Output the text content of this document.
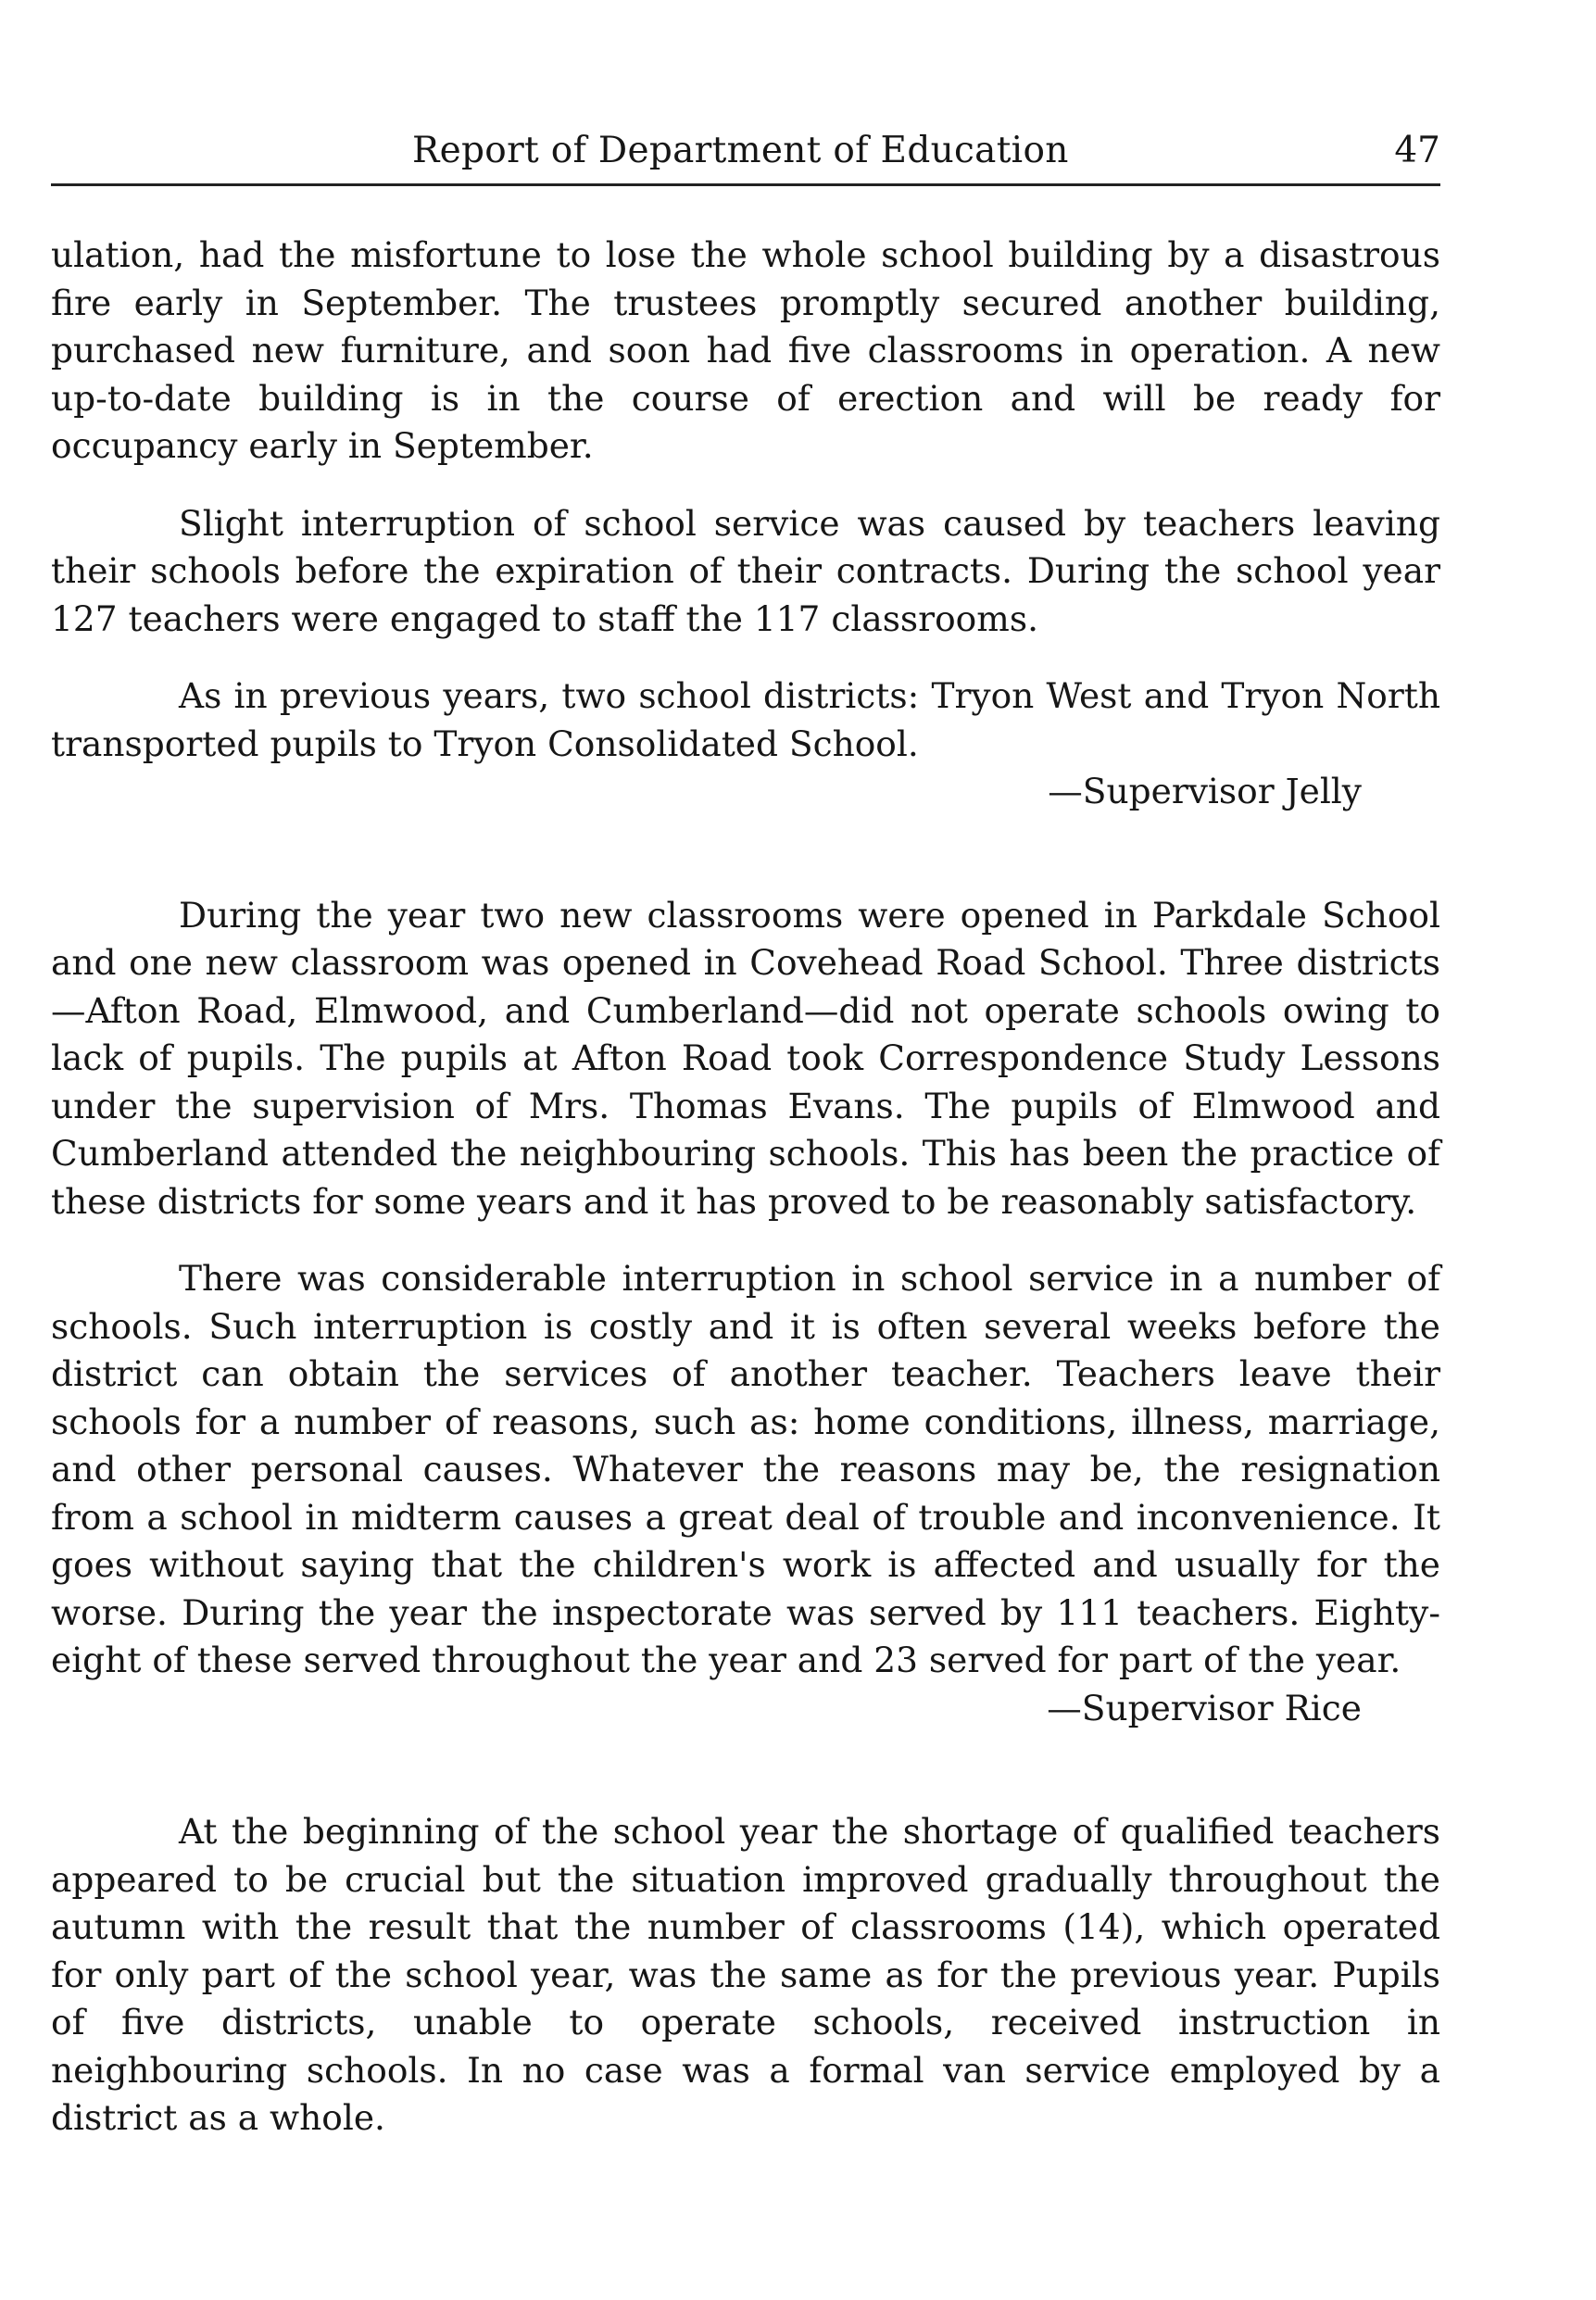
Report of Department of Education	47

ulation, had the misfortune to lose the whole school building by a disastrous fire early in September. The trustees promptly secured another building, purchased new furniture, and soon had five classrooms in operation. A new up-to-date building is in the course of erection and will be ready for occupancy early in September.

Slight interruption of school service was caused by teachers leaving their schools before the expiration of their contracts. During the school year 127 teachers were engaged to staff the 117 classrooms.

As in previous years, two school districts: Tryon West and Tryon North transported pupils to Tryon Consolidated School.

—Supervisor Jelly

During the year two new classrooms were opened in Parkdale School and one new classroom was opened in Covehead Road School. Three districts—Afton Road, Elmwood, and Cumberland—did not operate schools owing to lack of pupils. The pupils at Afton Road took Correspondence Study Lessons under the supervision of Mrs. Thomas Evans. The pupils of Elmwood and Cumberland attended the neighbouring schools. This has been the practice of these districts for some years and it has proved to be reasonably satisfactory.

There was considerable interruption in school service in a number of schools. Such interruption is costly and it is often several weeks before the district can obtain the services of another teacher. Teachers leave their schools for a number of reasons, such as: home conditions, illness, marriage, and other personal causes. Whatever the reasons may be, the resignation from a school in midterm causes a great deal of trouble and inconvenience. It goes without saying that the children's work is affected and usually for the worse. During the year the inspectorate was served by 111 teachers. Eighty-eight of these served throughout the year and 23 served for part of the year.

—Supervisor Rice

At the beginning of the school year the shortage of qualified teachers appeared to be crucial but the situation improved gradually throughout the autumn with the result that the number of classrooms (14), which operated for only part of the school year, was the same as for the previous year. Pupils of five districts, unable to operate schools, received instruction in neighbouring schools. In no case was a formal van service employed by a district as a whole.
